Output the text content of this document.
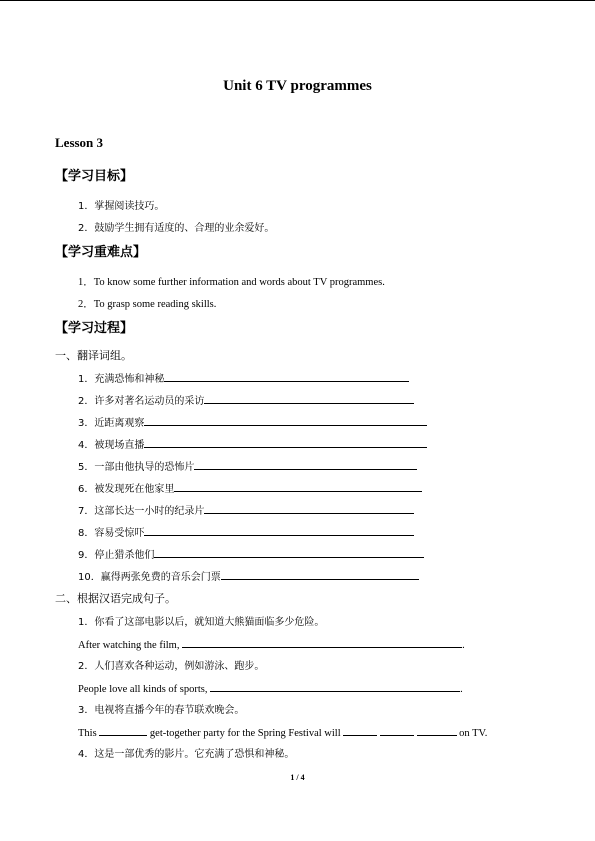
Unit 6 TV programmes
Lesson 3
【学习目标】
1．掌握阅读技巧。
2．鼓励学生拥有适度的、合理的业余爱好。
【学习重难点】
1．To know some further information and words about TV programmes.
2．To grasp some reading skills.
【学习过程】
一、翻译词组。
1．充满恐怖和神秘
2．许多对著名运动员的采访
3．近距离观察
4．被现场直播
5．一部由他执导的恐怖片
6．被发现死在他家里
7．这部长达一小时的纪录片
8．容易受惊吓
9．停止猎杀他们
10．赢得两张免费的音乐会门票
二、根据汉语完成句子。
1．你看了这部电影以后，就知道大熊猫面临多少危险。
After watching the film,	.
2．人们喜欢各种运动，例如游泳、跑步。
People love all kinds of sports,	.
3．电视将直播今年的春节联欢晚会。
This	get-together party for the Spring Festival will	on TV.
4．这是一部优秀的影片。它充满了恐惧和神秘。
1 / 4
